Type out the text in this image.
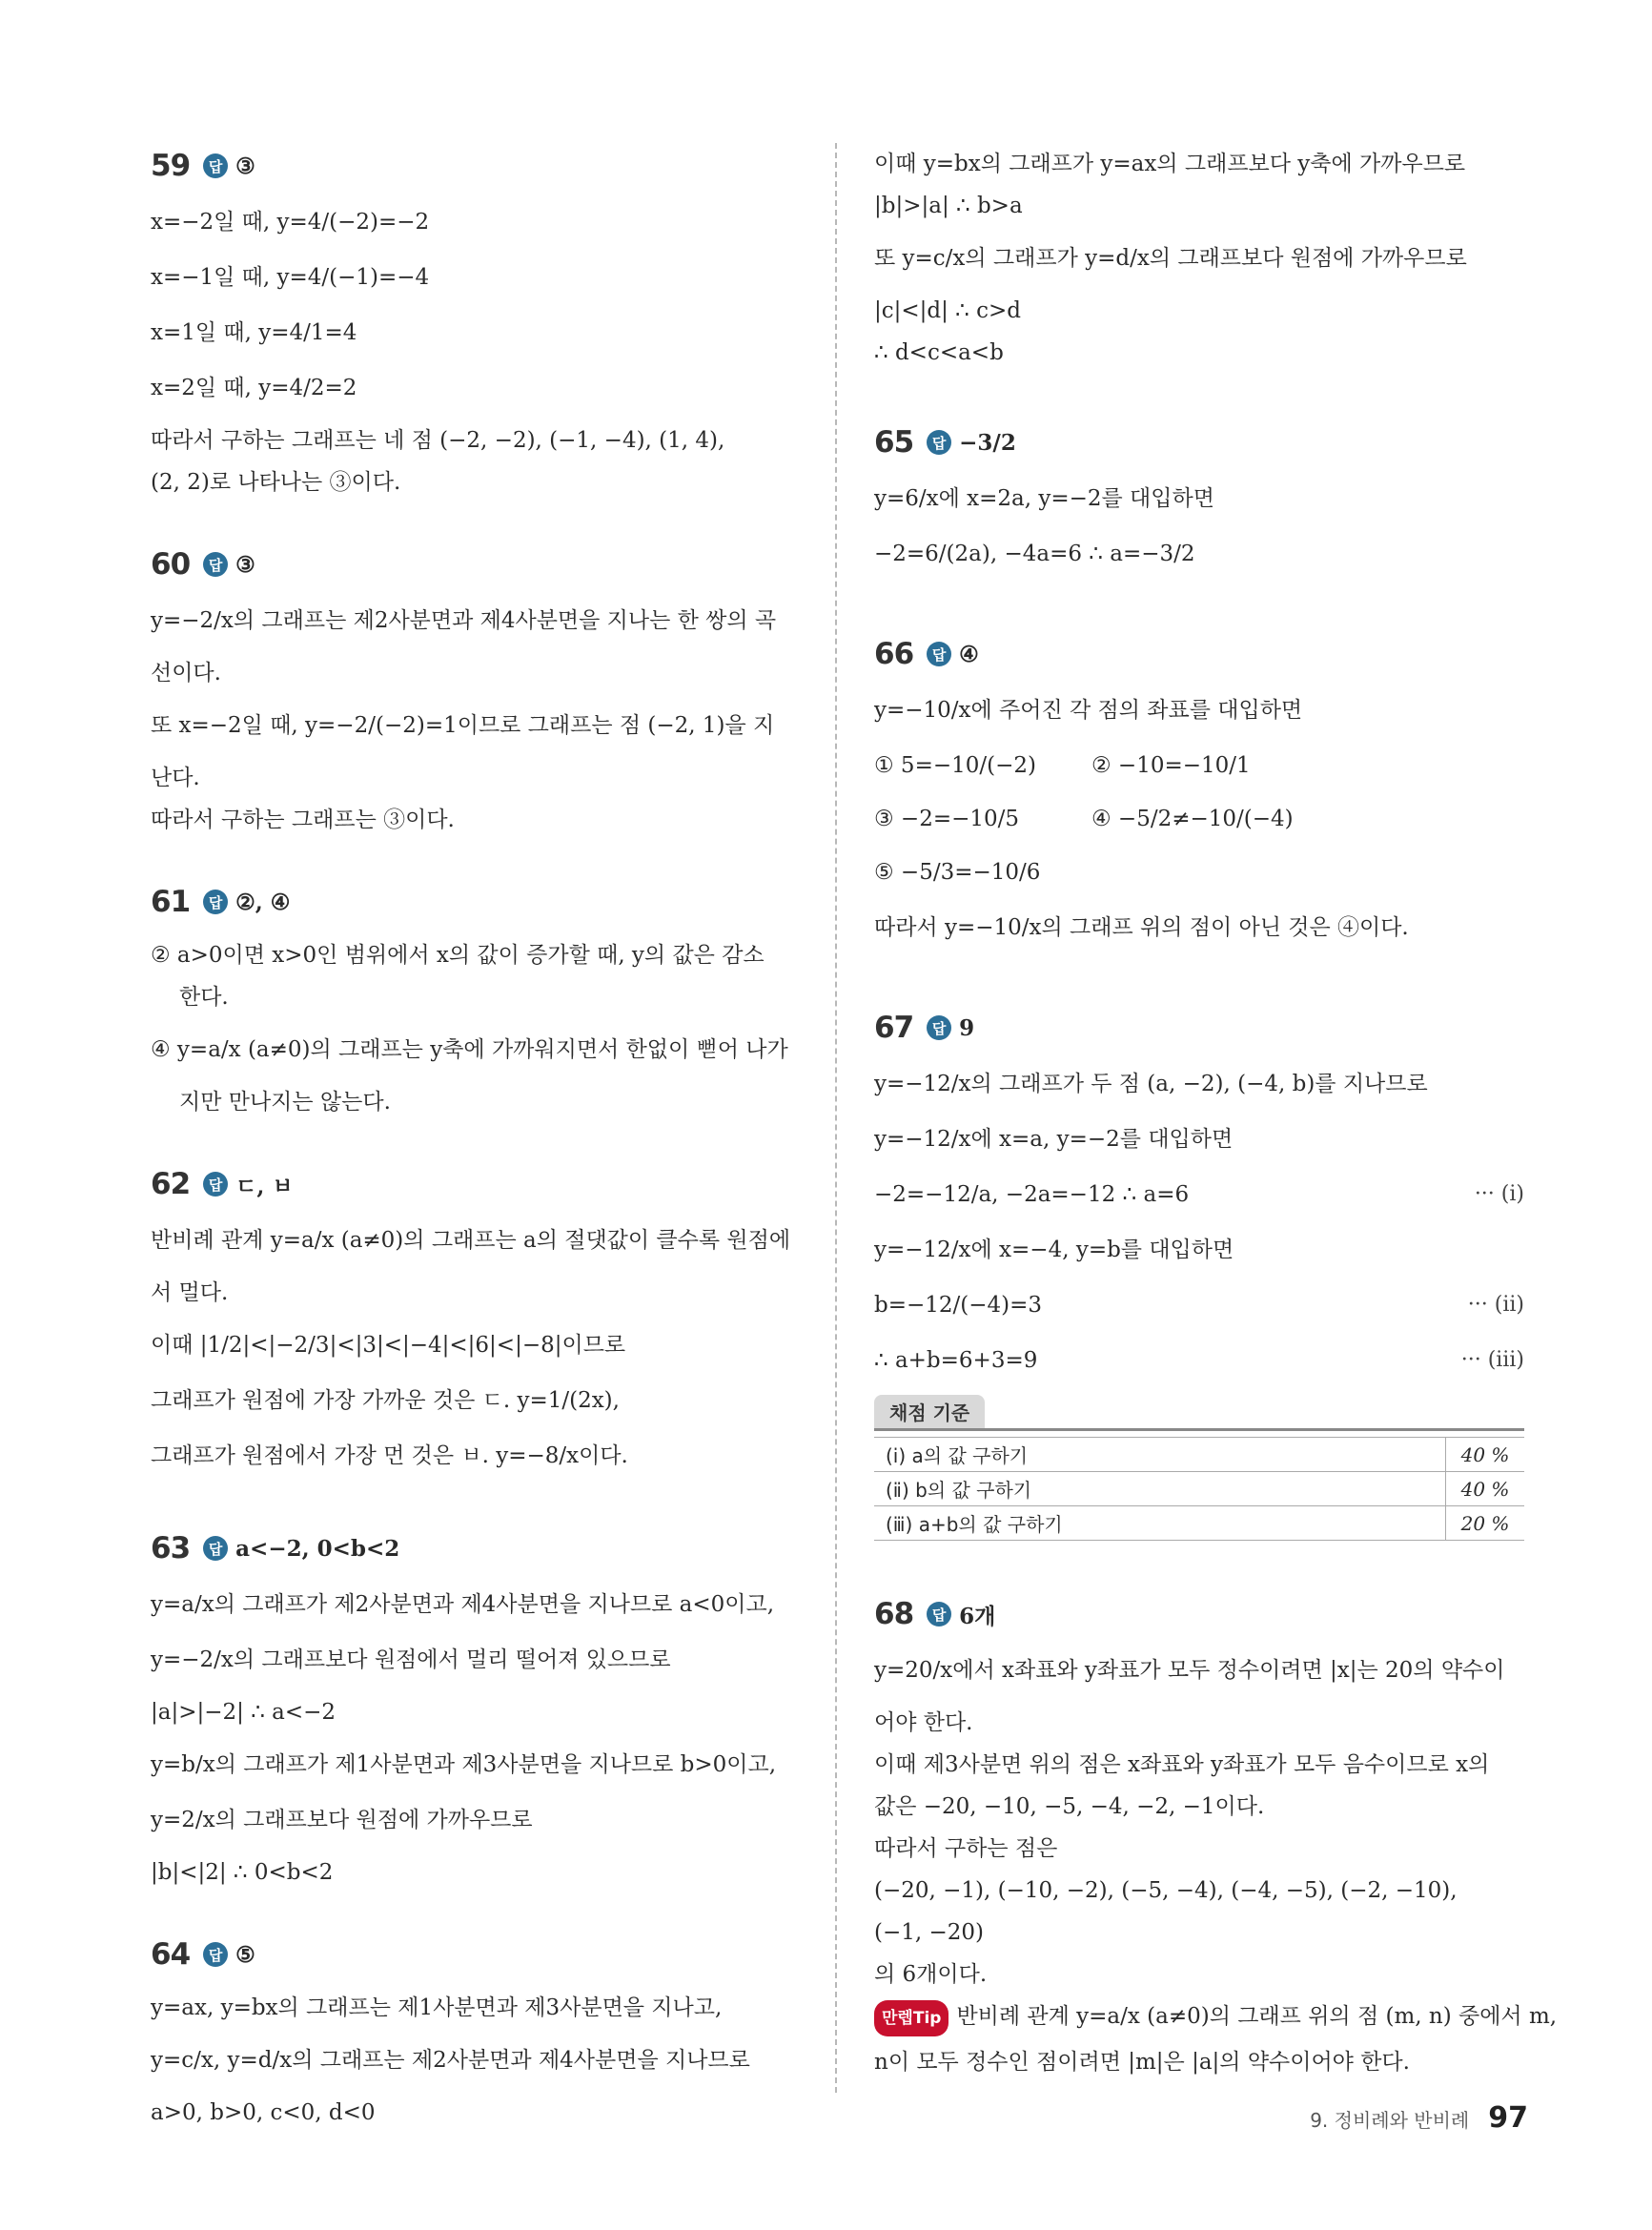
59	답 ③
x=−2일 때, y=4/(−2)=−2
x=−1일 때, y=4/(−1)=−4
x=1일 때, y=4/1=4
x=2일 때, y=4/2=2
따라서 구하는 그래프는 네 점 (−2, −2), (−1, −4), (1, 4),
(2, 2)로 나타나는 ③이다.
60	답 ③
y=−2/x의 그래프는 제2사분면과 제4사분면을 지나는 한 쌍의 곡
선이다.
또 x=−2일 때, y=−2/(−2)=1이므로 그래프는 점 (−2, 1)을 지
난다.
따라서 구하는 그래프는 ③이다.
61	답 ②, ④
② a>0이면 x>0인 범위에서 x의 값이 증가할 때, y의 값은 감소
한다.
④ y=a/x (a≠0)의 그래프는 y축에 가까워지면서 한없이 뻗어 나가
지만 만나지는 않는다.
62	답 ㄷ, ㅂ
반비례 관계 y=a/x (a≠0)의 그래프는 a의 절댓값이 클수록 원점에
서 멀다.
이때 |1/2|<|−2/3|<|3|<|−4|<|6|<|−8|이므로
그래프가 원점에 가장 가까운 것은 ㄷ. y=1/(2x),
그래프가 원점에서 가장 먼 것은 ㅂ. y=−8/x이다.
63	답 a<−2, 0<b<2
y=a/x의 그래프가 제2사분면과 제4사분면을 지나므로 a<0이고,
y=−2/x의 그래프보다 원점에서 멀리 떨어져 있으므로
|a|>|−2| ∴ a<−2
y=b/x의 그래프가 제1사분면과 제3사분면을 지나므로 b>0이고,
y=2/x의 그래프보다 원점에 가까우므로
|b|<|2| ∴ 0<b<2
64	답 ⑤
y=ax, y=bx의 그래프는 제1사분면과 제3사분면을 지나고,
y=c/x, y=d/x의 그래프는 제2사분면과 제4사분면을 지나므로
a>0, b>0, c<0, d<0
이때 y=bx의 그래프가 y=ax의 그래프보다 y축에 가까우므로
|b|>|a| ∴ b>a
또 y=c/x의 그래프가 y=d/x의 그래프보다 원점에 가까우므로
|c|<|d| ∴ c>d
∴ d<c<a<b
65	답 −3/2
y=6/x에 x=2a, y=−2를 대입하면
−2=6/(2a), −4a=6 ∴ a=−3/2
66	답 ④
y=−10/x에 주어진 각 점의 좌표를 대입하면
① 5=−10/(−2)	② −10=−10/1
③ −2=−10/5	④ −5/2≠−10/(−4)
⑤ −5/3=−10/6
따라서 y=−10/x의 그래프 위의 점이 아닌 것은 ④이다.
67	답 9
y=−12/x의 그래프가 두 점 (a, −2), (−4, b)를 지나므로
y=−12/x에 x=a, y=−2를 대입하면
−2=−12/a, −2a=−12 ∴ a=6	··· (ⅰ)
y=−12/x에 x=−4, y=b를 대입하면
b=−12/(−4)=3	··· (ⅱ)
∴ a+b=6+3=9	··· (ⅲ)
채점 기준
(ⅰ) a의 값 구하기	40 %
(ⅱ) b의 값 구하기	40 %
(ⅲ) a+b의 값 구하기	20 %
68	답 6개
y=20/x에서 x좌표와 y좌표가 모두 정수이려면 |x|는 20의 약수이
어야 한다.
이때 제3사분면 위의 점은 x좌표와 y좌표가 모두 음수이므로 x의
값은 −20, −10, −5, −4, −2, −1이다.
따라서 구하는 점은
(−20, −1), (−10, −2), (−5, −4), (−4, −5), (−2, −10),
(−1, −20)
의 6개이다.
만렙Tip 반비례 관계 y=a/x (a≠0)의 그래프 위의 점 (m, n) 중에서 m,
n이 모두 정수인 점이려면 |m|은 |a|의 약수이어야 한다.
9. 정비례와 반비례 97
